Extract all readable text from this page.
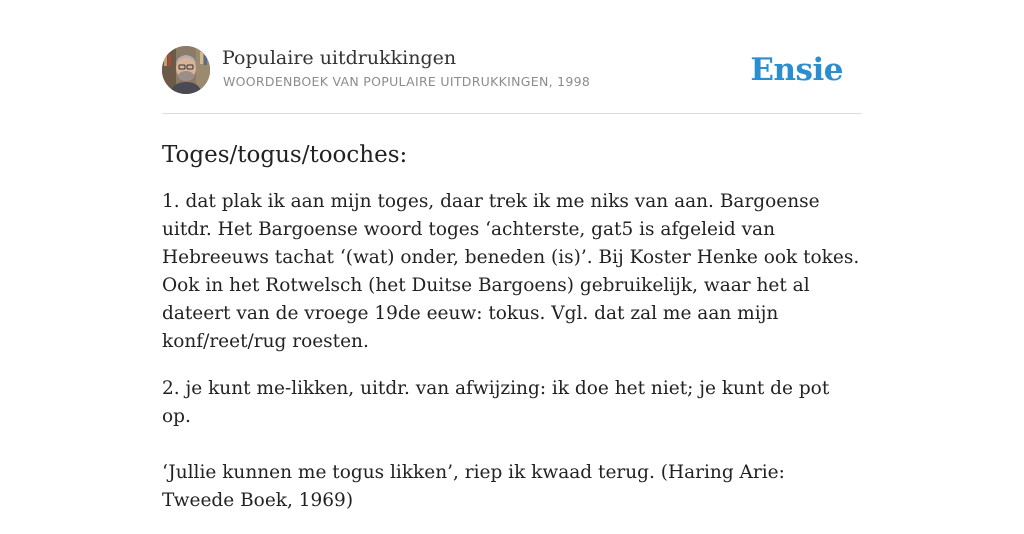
Populaire uitdrukkingen
WOORDENBOEK VAN POPULAIRE UITDRUKKINGEN, 1998	Ensie
Toges/togus/tooches:

1. dat plak ik aan mijn toges, daar trek ik me niks van aan. Bargoense uitdr. Het Bargoense woord toges ‘achterste, gat5 is afgeleid van Hebreeuws tachat ‘(wat) onder, beneden (is)’. Bij Koster Henke ook tokes. Ook in het Rotwelsch (het Duitse Bargoens) gebruikelijk, waar het al dateert van de vroege 19de eeuw: tokus. Vgl. dat zal me aan mijn konf/reet/rug roesten.

2. je kunt me-likken, uitdr. van afwijzing: ik doe het niet; je kunt de pot op.

‘Jullie kunnen me togus likken’, riep ik kwaad terug. (Haring Arie: Tweede Boek, 1969)
